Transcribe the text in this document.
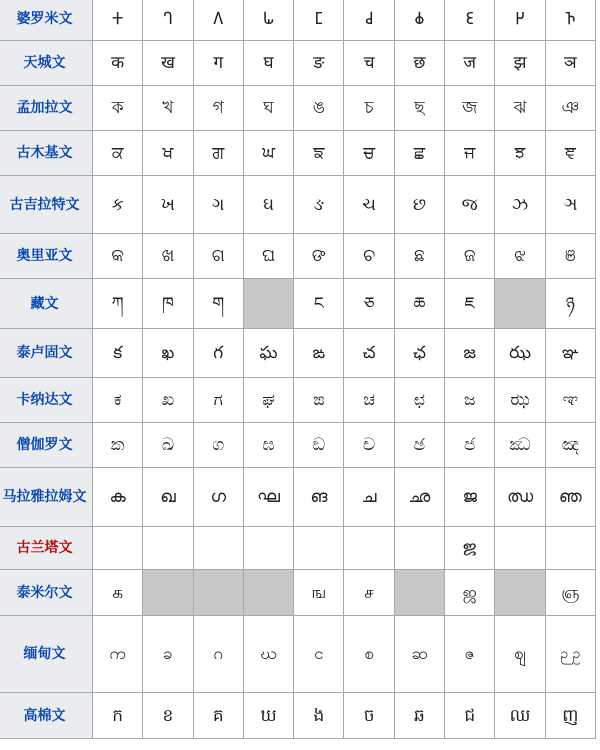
婆罗米文	𑀓	𑀔	𑀕	𑀖	𑀗	𑀘	𑀙	𑀚	𑀛	𑀜
天城文	क	ख	ग	घ	ङ	च	छ	ज	झ	ञ
孟加拉文	ক	খ	গ	ঘ	ঙ	চ	ছ	জ	ঝ	ঞ
古木基文	ਕ	ਖ	ਗ	ਘ	ਙ	ਚ	ਛ	ਜ	ਝ	ਞ
古吉拉特文	ક	ખ	ગ	ઘ	ઙ	ચ	છ	જ	ઝ	ઞ
奥里亚文	କ	ଖ	ଗ	ଘ	ଙ	ଚ	ଛ	ଜ	ଝ	ଞ
藏文	ཀ	ཁ	ག		ང	ཅ	ཆ	ཇ		ཉ
泰卢固文	క	ఖ	గ	ఘ	ఙ	చ	ఛ	జ	ఝ	ఞ
卡纳达文	ಕ	ಖ	ಗ	ಘ	ಙ	ಚ	ಛ	ಜ	ಝ	ಞ
僧伽罗文	ක	ඛ	ග	ඝ	ඞ	ච	ඡ	ජ	ඣ	ඤ
马拉雅拉姆文	ക	ഖ	ഗ	ഘ	ങ	ച	ഛ	ജ	ഝ	ഞ
古兰塔文								𑌜		
泰米尔文	க				ங	ச		ஜ		ஞ
缅甸文	က	ခ	ဂ	ဃ	င	စ	ဆ	ဇ	ဈ	ဉ ဥ
高棉文	ក	ខ	គ	ឃ	ង	ច	ឆ	ជ	ឈ	ញ
